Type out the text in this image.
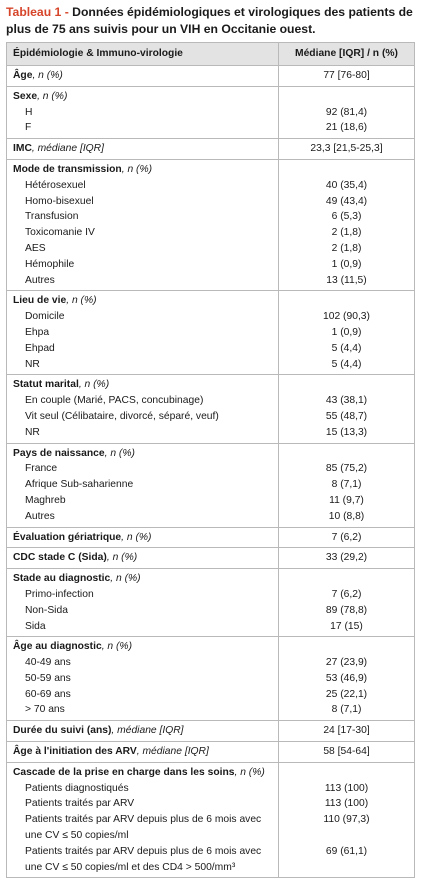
Tableau 1 - Données épidémiologiques et virologiques des patients de plus de 75 ans suivis pour un VIH en Occitanie ouest.
Épidémiologie & Immuno-virologie	Médiane [IQR] / n (%)
Âge, n (%)	77 [76-80]
Sexe, n (%)	
H	92 (81,4)
F	21 (18,6)
IMC, médiane [IQR]	23,3 [21,5-25,3]
Mode de transmission, n (%)	
Hétérosexuel	40 (35,4)
Homo-bisexuel	49 (43,4)
Transfusion	6 (5,3)
Toxicomanie IV	2 (1,8)
AES	2 (1,8)
Hémophile	1 (0,9)
Autres	13 (11,5)
Lieu de vie, n (%)	
Domicile	102 (90,3)
Ehpa	1 (0,9)
Ehpad	5 (4,4)
NR	5 (4,4)
Statut marital, n (%)	
En couple (Marié, PACS, concubinage)	43 (38,1)
Vit seul (Célibataire, divorcé, séparé, veuf)	55 (48,7)
NR	15 (13,3)
Pays de naissance, n (%)	
France	85 (75,2)
Afrique Sub-saharienne	8 (7,1)
Maghreb	11 (9,7)
Autres	10 (8,8)
Évaluation gériatrique, n (%)	7 (6,2)
CDC stade C (Sida), n (%)	33 (29,2)
Stade au diagnostic, n (%)	
Primo-infection	7 (6,2)
Non-Sida	89 (78,8)
Sida	17 (15)
Âge au diagnostic, n (%)	
40-49 ans	27 (23,9)
50-59 ans	53 (46,9)
60-69 ans	25 (22,1)
> 70 ans	8 (7,1)
Durée du suivi (ans), médiane [IQR]	24 [17-30]
Âge à l'initiation des ARV, médiane [IQR]	58 [54-64]
Cascade de la prise en charge dans les soins, n (%)	
Patients diagnostiqués	113 (100)
Patients traités par ARV	113 (100)
Patients traités par ARV depuis plus de 6 mois avec une CV ≤ 50 copies/ml	110 (97,3)
Patients traités par ARV depuis plus de 6 mois avec une CV ≤ 50 copies/ml et des CD4 > 500/mm³	69 (61,1)
